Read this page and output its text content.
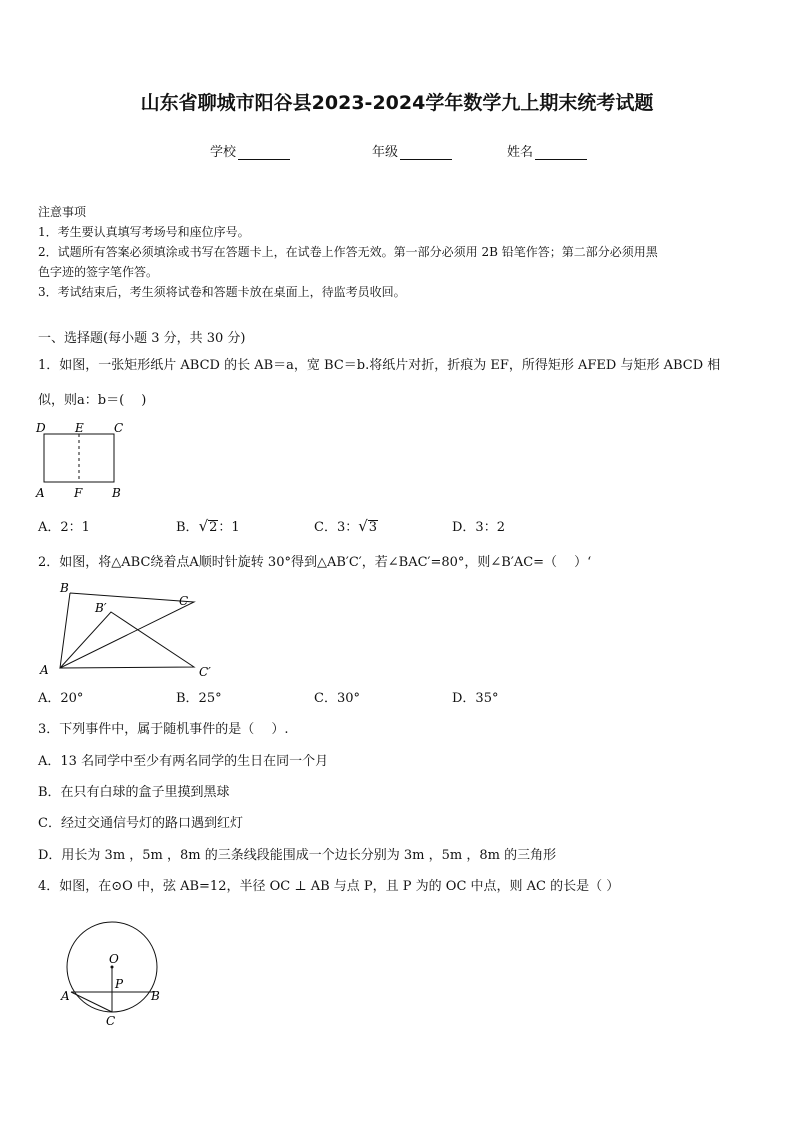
山东省聊城市阳谷县2023-2024学年数学九上期末统考试题
学校	年级	姓名
注意事项
1．考生要认真填写考场号和座位序号。
2．试题所有答案必须填涂或书写在答题卡上，在试卷上作答无效。第一部分必须用 2B 铅笔作答；第二部分必须用黑
色字迹的签字笔作答。
3．考试结束后，考生须将试卷和答题卡放在桌面上，待监考员收回。
一、选择题(每小题 3 分，共 30 分)
1．如图，一张矩形纸片 ABCD 的长 AB＝a，宽 BC＝b.将纸片对折，折痕为 EF，所得矩形 AFED 与矩形 ABCD 相
似，则a：b＝(　 )
D E	C
A F B
A．2：1	B．√2：1	C．3：√3	D．3：2
2．如图，将△ABC绕着点A顺时针旋转 30°得到△AB′C′，若∠BAC′=80°，则∠B′AC=（　 ）‘
B
B′	C
A	C′
A．20°	B．25°	C．30°	D．35°
3．下列事件中，属于随机事件的是（　 ）.
A．13 名同学中至少有两名同学的生日在同一个月
B．在只有白球的盒子里摸到黑球
C．经过交通信号灯的路口遇到红灯
D．用长为 3m ，5m ，8m 的三条线段能围成一个边长分别为 3m ，5m ，8m 的三角形
4．如图，在⊙O 中，弦 AB=12，半径 OC ⊥ AB 与点 P，且 P 为的 OC 中点，则 AC 的长是（ ）
O
P
A	B
C
